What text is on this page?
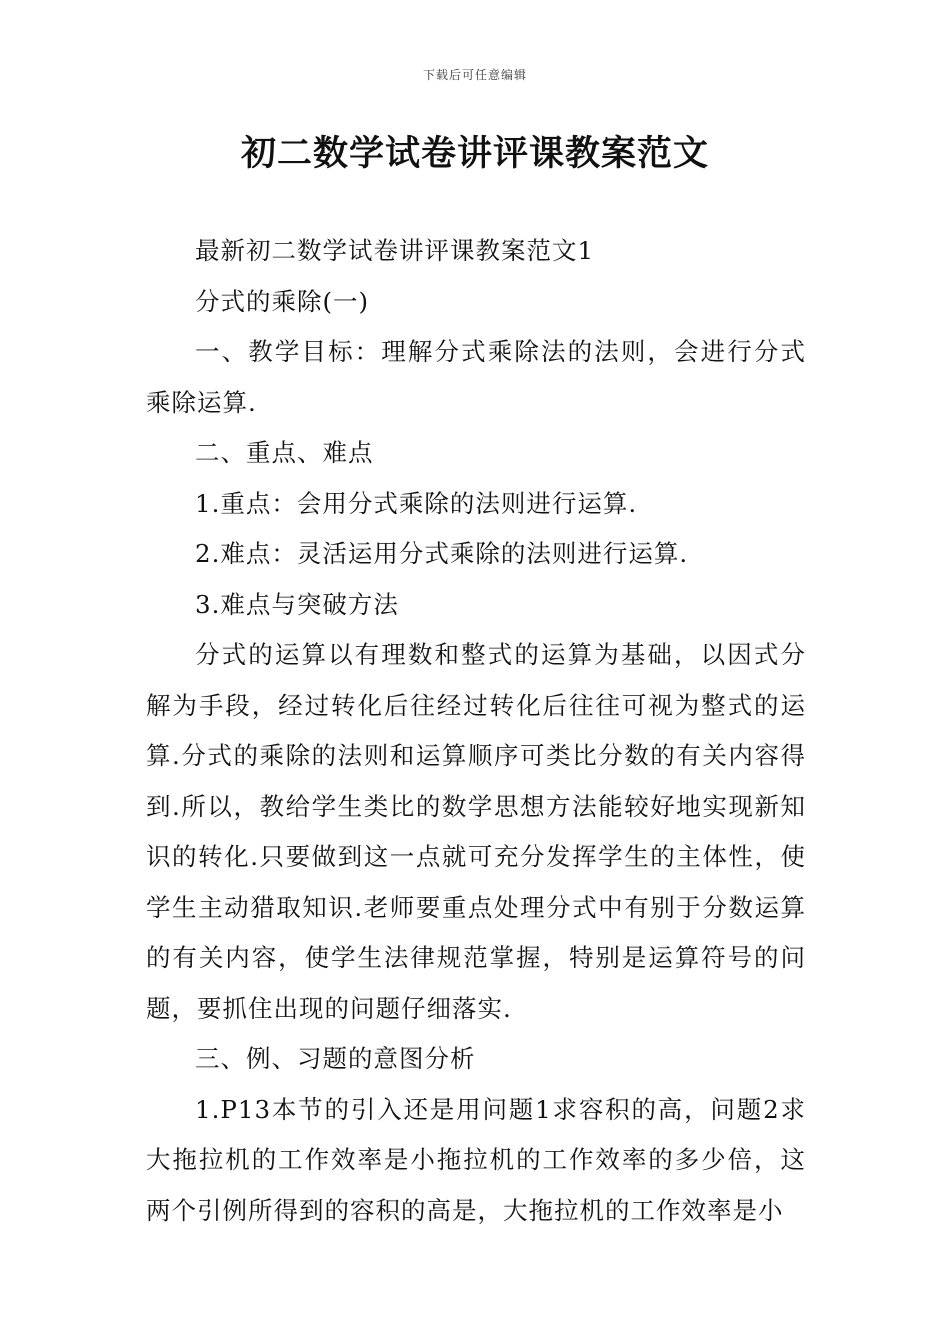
下载后可任意编辑
初二数学试卷讲评课教案范文

最新初二数学试卷讲评课教案范文1

分式的乘除(一)

一、教学目标：理解分式乘除法的法则，会进行分式乘除运算.

二、重点、难点

1.重点：会用分式乘除的法则进行运算.

2.难点：灵活运用分式乘除的法则进行运算.

3.难点与突破方法

分式的运算以有理数和整式的运算为基础，以因式分解为手段，经过转化后往经过转化后往往可视为整式的运算.分式的乘除的法则和运算顺序可类比分数的有关内容得到.所以，教给学生类比的数学思想方法能较好地实现新知识的转化.只要做到这一点就可充分发挥学生的主体性，使学生主动猎取知识.老师要重点处理分式中有别于分数运算的有关内容，使学生法律规范掌握，特别是运算符号的问题，要抓住出现的问题仔细落实.

三、例、习题的意图分析

1.P13本节的引入还是用问题1求容积的高，问题2求大拖拉机的工作效率是小拖拉机的工作效率的多少倍，这两个引例所得到的容积的高是，大拖拉机的工作效率是小
